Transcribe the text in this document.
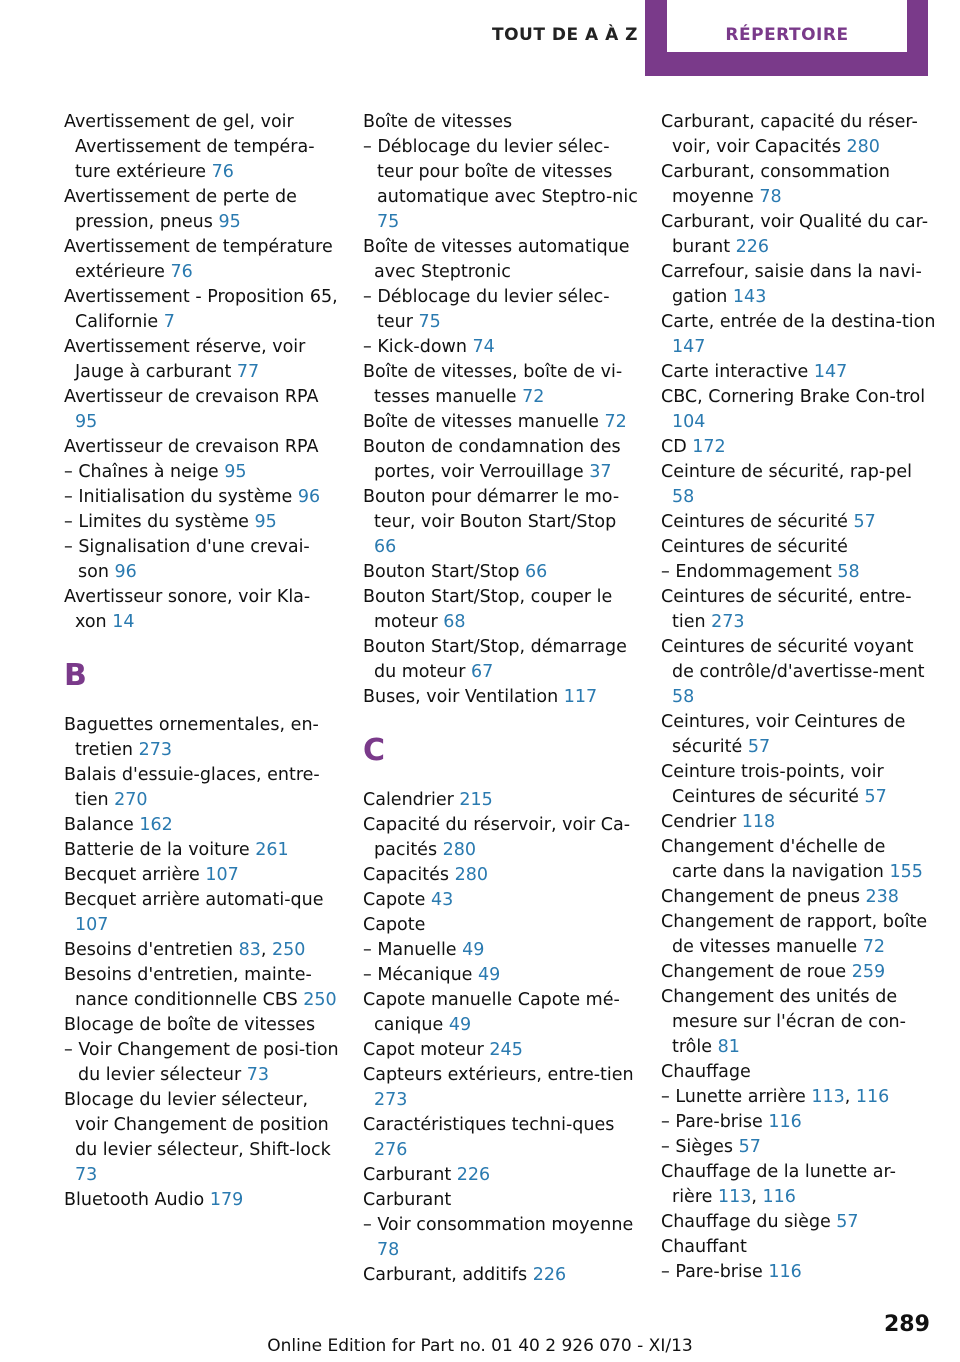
TOUT DE A À Z	RÉPERTOIRE

Avertissement de gel, voir Avertissement de tempéra-ture extérieure 76

Avertissement de perte de pression, pneus 95

Avertissement de température extérieure 76

Avertissement - Proposition 65, Californie 7

Avertissement réserve, voir Jauge à carburant 77

Avertisseur de crevaison RPA 95

Avertisseur de crevaison RPA

– Chaînes à neige 95

– Initialisation du système 96

– Limites du système 95

– Signalisation d'une crevai-son 96

Avertisseur sonore, voir Kla-xon 14

B

Baguettes ornementales, en-tretien 273

Balais d'essuie-glaces, entre-tien 270

Balance 162

Batterie de la voiture 261

Becquet arrière 107

Becquet arrière automati-que 107

Besoins d'entretien 83, 250

Besoins d'entretien, mainte-nance conditionnelle CBS 250

Blocage de boîte de vitesses

– Voir Changement de posi-tion du levier sélecteur 73

Blocage du levier sélecteur, voir Changement de position du levier sélecteur, Shift-lock 73

Bluetooth Audio 179

Boîte de vitesses

– Déblocage du levier sélec-teur pour boîte de vitesses automatique avec Steptro-nic 75

Boîte de vitesses automatique avec Steptronic

– Déblocage du levier sélec-teur 75

– Kick-down 74

Boîte de vitesses, boîte de vi-tesses manuelle 72

Boîte de vitesses manuelle 72

Bouton de condamnation des portes, voir Verrouillage 37

Bouton pour démarrer le mo-teur, voir Bouton Start/Stop 66

Bouton Start/Stop 66

Bouton Start/Stop, couper le moteur 68

Bouton Start/Stop, démarrage du moteur 67

Buses, voir Ventilation 117

C

Calendrier 215

Capacité du réservoir, voir Ca-pacités 280

Capacités 280

Capote 43

Capote

– Manuelle 49

– Mécanique 49

Capote manuelle Capote mé-canique 49

Capot moteur 245

Capteurs extérieurs, entre-tien 273

Caractéristiques techni-ques 276

Carburant 226

Carburant

– Voir consommation moyenne 78

Carburant, additifs 226

Carburant, capacité du réser-voir, voir Capacités 280

Carburant, consommation moyenne 78

Carburant, voir Qualité du car-burant 226

Carrefour, saisie dans la navi-gation 143

Carte, entrée de la destina-tion 147

Carte interactive 147

CBC, Cornering Brake Con-trol 104

CD 172

Ceinture de sécurité, rap-pel 58

Ceintures de sécurité 57

Ceintures de sécurité

– Endommagement 58

Ceintures de sécurité, entre-tien 273

Ceintures de sécurité voyant de contrôle/d'avertisse-ment 58

Ceintures, voir Ceintures de sécurité 57

Ceinture trois-points, voir Ceintures de sécurité 57

Cendrier 118

Changement d'échelle de carte dans la navigation 155

Changement de pneus 238

Changement de rapport, boîte de vitesses manuelle 72

Changement de roue 259

Changement des unités de mesure sur l'écran de con-trôle 81

Chauffage

– Lunette arrière 113, 116

– Pare-brise 116

– Sièges 57

Chauffage de la lunette ar-rière 113, 116

Chauffage du siège 57

Chauffant

– Pare-brise 116

289
Online Edition for Part no. 01 40 2 926 070 - XI/13
